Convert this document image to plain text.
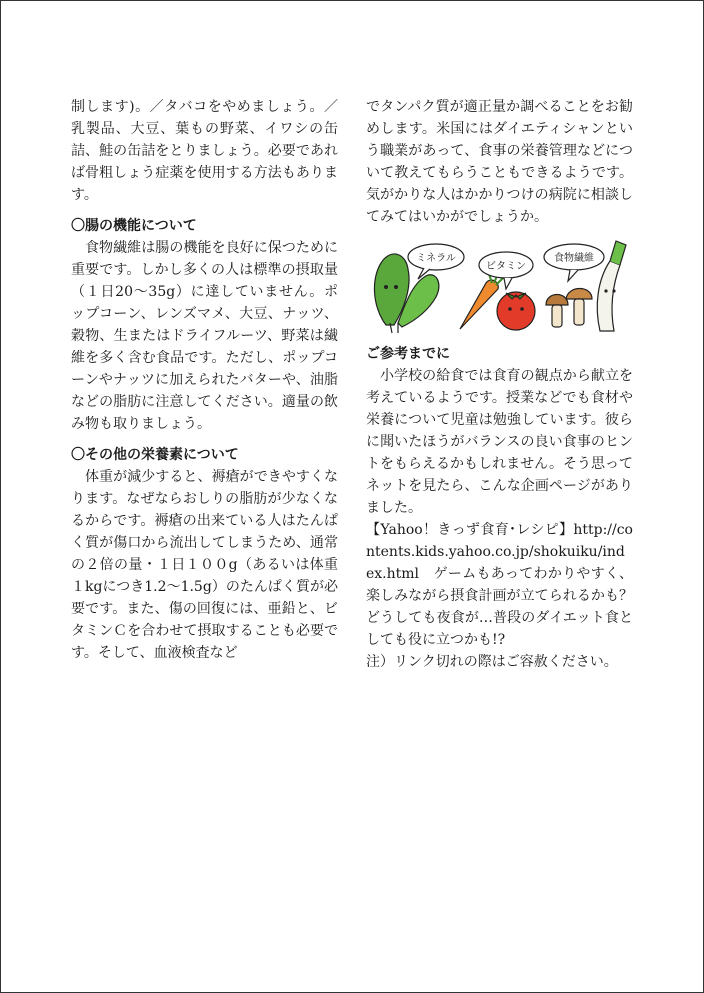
制します)。／タバコをやめましょう。／乳製品、大豆、葉もの野菜、イワシの缶詰、鮭の缶詰をとりましょう。必要であれば骨粗しょう症薬を使用する方法もあります。

〇腸の機能について

食物繊維は腸の機能を良好に保つために重要です。しかし多くの人は標準の摂取量（１日20～35g）に達していません。ポップコーン、レンズマメ、大豆、ナッツ、穀物、生またはドライフルーツ、野菜は繊維を多く含む食品です。ただし、ポップコーンやナッツに加えられたバターや、油脂などの脂肪に注意してください。適量の飲み物も取りましょう。

〇その他の栄養素について

体重が減少すると、褥瘡ができやすくなります。なぜならおしりの脂肪が少なくなるからです。褥瘡の出来ている人はたんぱく質が傷口から流出してしまうため、通常の２倍の量・１日１００g（あるいは体重１kgにつき1.2～1.5g）のたんぱく質が必要です。また、傷の回復には、亜鉛と、ビタミンＣを合わせて摂取することも必要です。そして、血液検査など

でタンパク質が適正量か調べることをお勧めします。米国にはダイエティシャンという職業があって、食事の栄養管理などについて教えてもらうこともできるようです。気がかりな人はかかりつけの病院に相談してみてはいかがでしょうか。

ミネラル
ビタミン
食物繊維
ご参考までに

小学校の給食では食育の観点から献立を考えているようです。授業などでも食材や栄養について児童は勉強しています。彼らに聞いたほうがバランスの良い食事のヒントをもらえるかもしれません。そう思ってネットを見たら、こんな企画ページがありました。

【Yahoo！きっず食育･レシピ】http://contents.kids.yahoo.co.jp/shokuiku/index.html　ゲームもあってわかりやすく、楽しみながら摂食計画が立てられるかも？どうしても夜食が…普段のダイエット食としても役に立つかも!?

注）リンク切れの際はご容赦ください。
